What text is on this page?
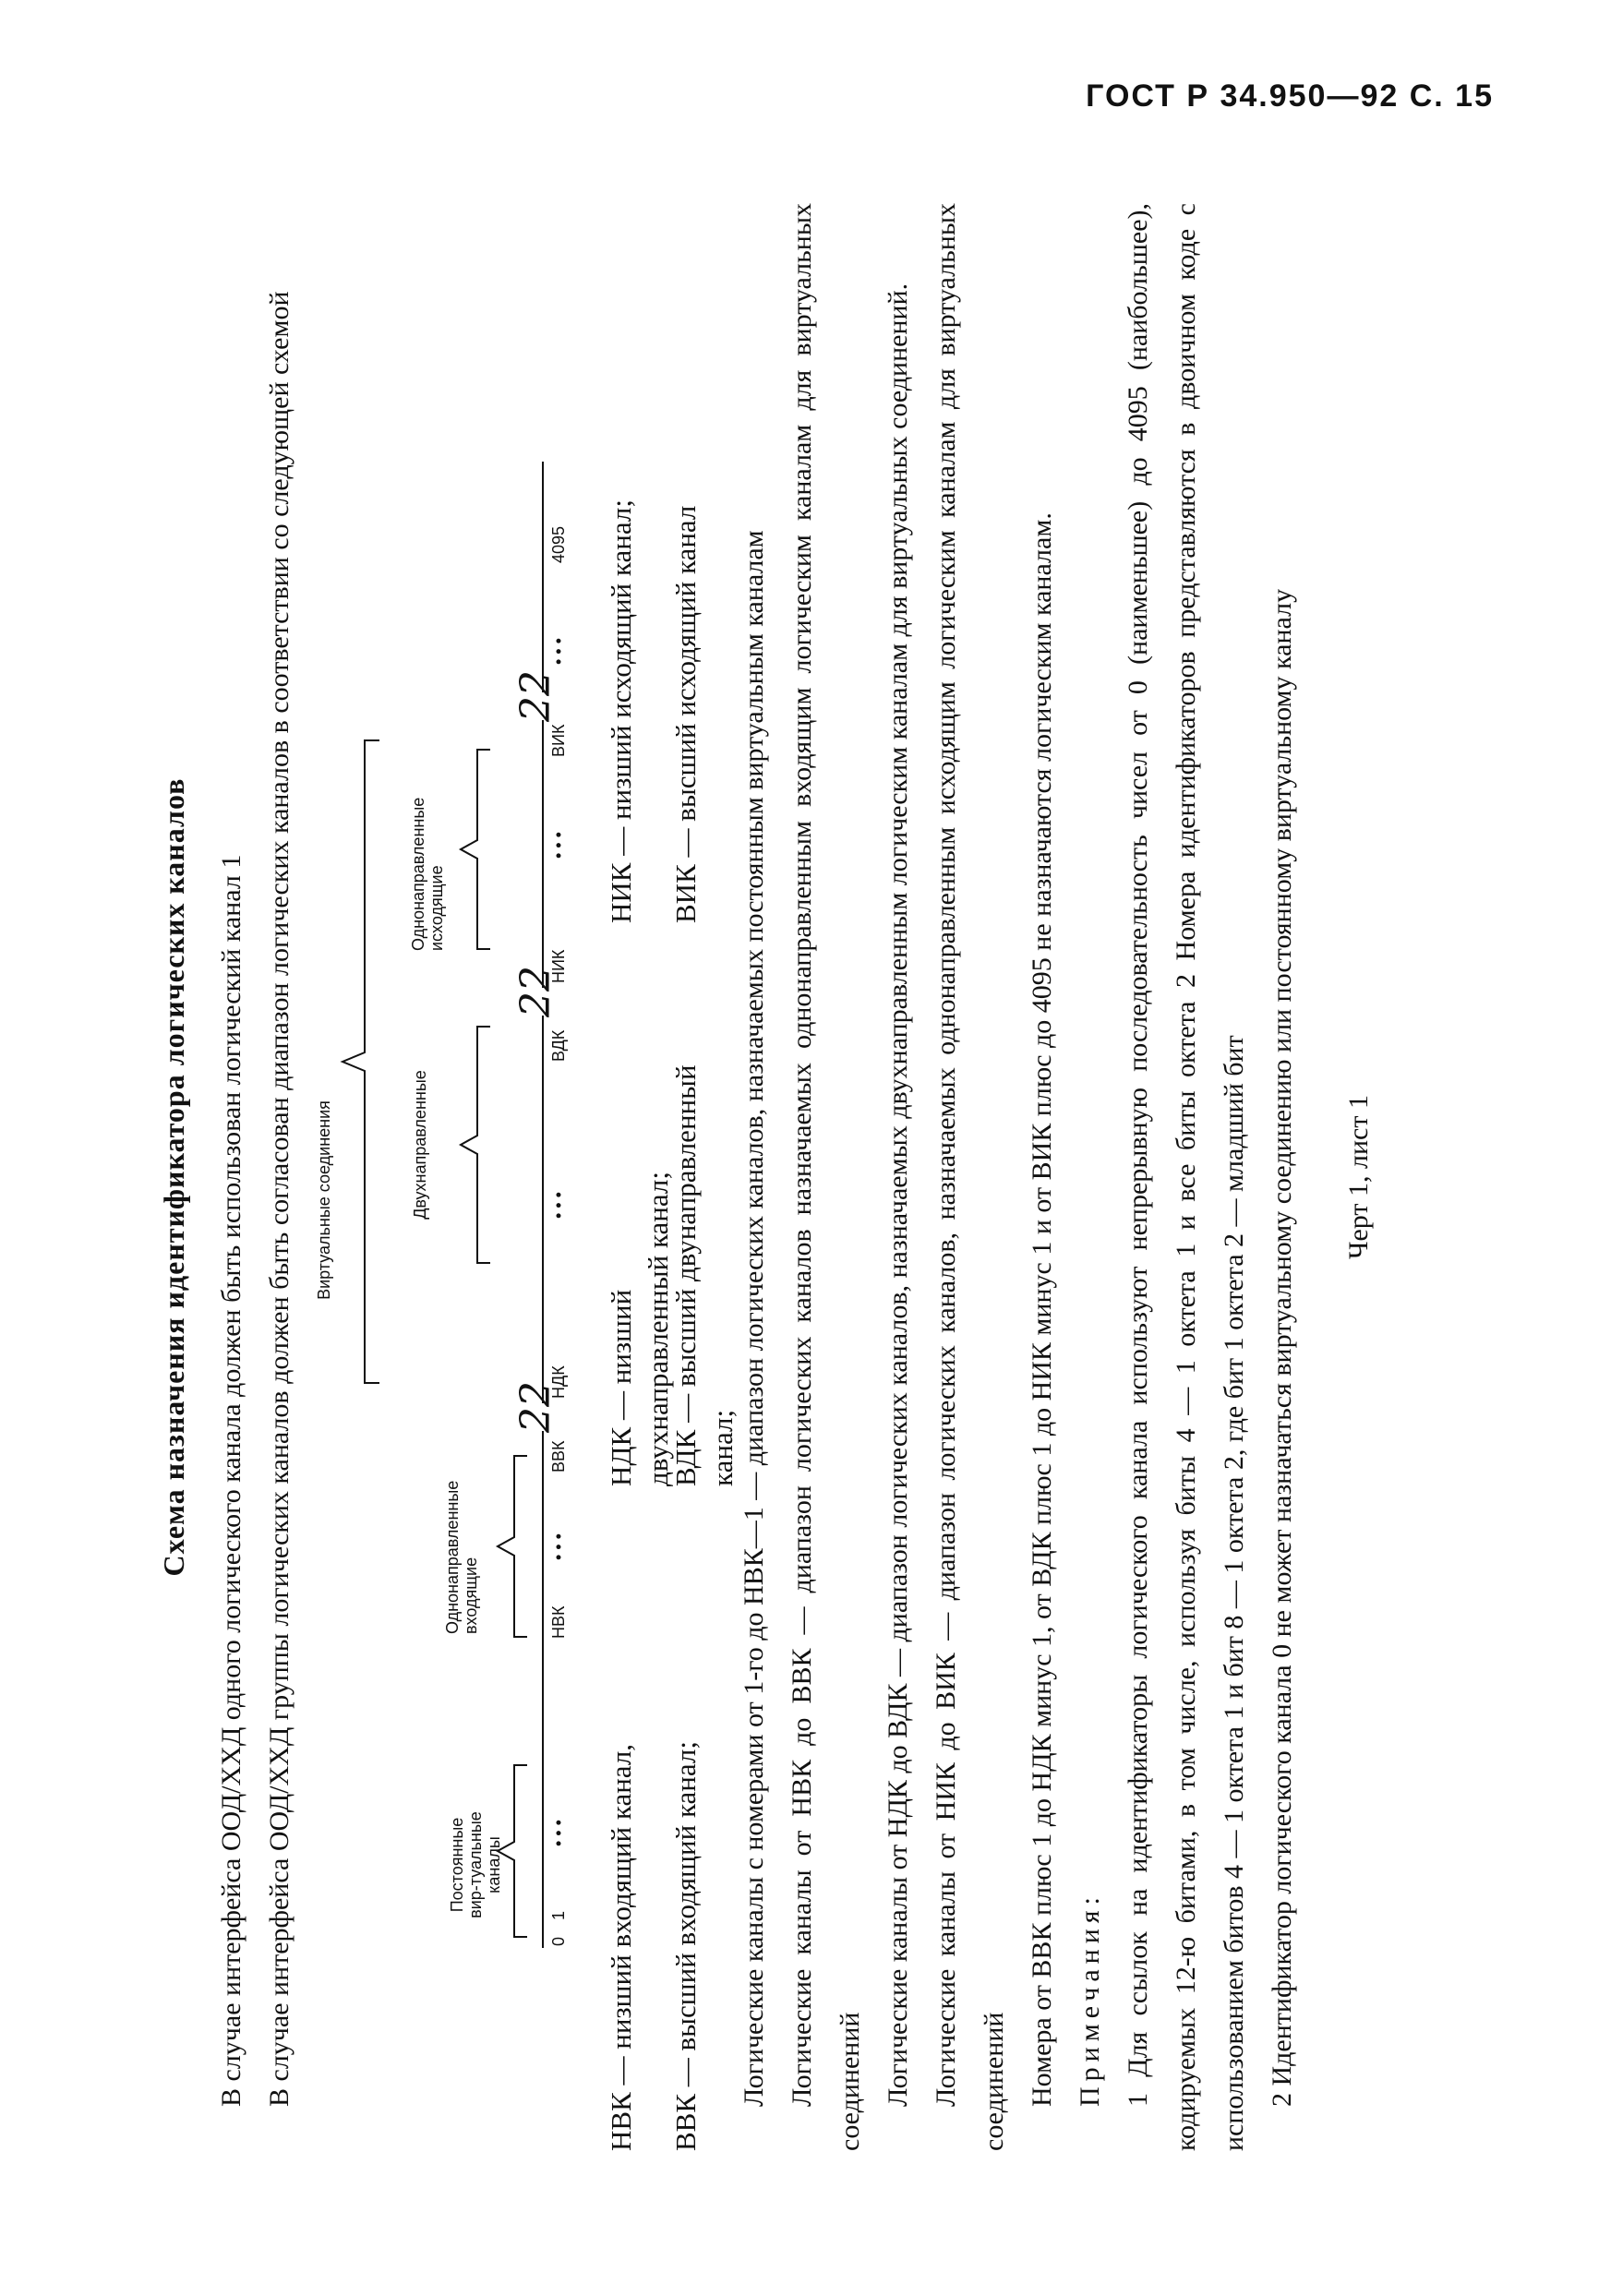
ГОСТ Р 34.950—92 С. 15

Схема назначения идентификатора логических каналов В случае интерфейса ООД/ХХД одного логического канала должен быть использован логический канал 1 В случае интерфейса ООД/ХХД группы логических каналов должен быть согласован диапазон логических каналов в соответствии со следующей схемой	Постоянные вир-туальные каналы
Виртуальные соединения
Однонаправленные входящие
Двухнаправленные
Однонаправленные исходящие
22
22
22
0
1
• • •
НВК
• • •
ВВК
НДК
• • •
ВДК
НИК
• • •
ВИК
• • •
4095
НВК — низший входящий канал,
НДК — низший двухнаправленный канал;
НИК — низший исходящий канал;
ВВК — высший входящий канал;
ВДК — высший двунаправленный канал;
ВИК — высший исходящий канал	Логические каналы с номерами от 1-го до НВК—1 — диапазон логических каналов, назначаемых постоянным виртуальным каналам Логические каналы от НВК до ВВК — диапазон логических каналов назначаемых однонаправленным входящим логическим каналам для виртуальных соединений Логические каналы от НДК до ВДК — диапазон логических каналов, назначаемых двухнаправленным логическим каналам для виртуальных соединений. Логические каналы от НИК до ВИК — диапазон логических каналов, назначаемых однонаправленным исходящим логическим каналам для виртуальных соединений Номера от ВВК плюс 1 до НДК минус 1, от ВДК плюс 1 до НИК минус 1 и от ВИК плюс до 4095 не назначаются логическим каналам. Примечания: 1 Для ссылок на идентификаторы логического канала используют непрерывную последовательность чисел от 0 (наименьшее) до 4095 (наибольшее), кодируемых 12-ю битами, в том числе, используя биты 4 — 1 октета 1 и все биты октета 2 Номера идентификаторов представляются в двоичном коде с использованием битов 4 — 1 октета 1 и бит 8 — 1 октета 2, где бит 1 октета 2 — младший бит 2 Идентификатор логического канала 0 не может назначаться виртуальному соединению или постоянному виртуальному каналу	Черт 1, лист 1
